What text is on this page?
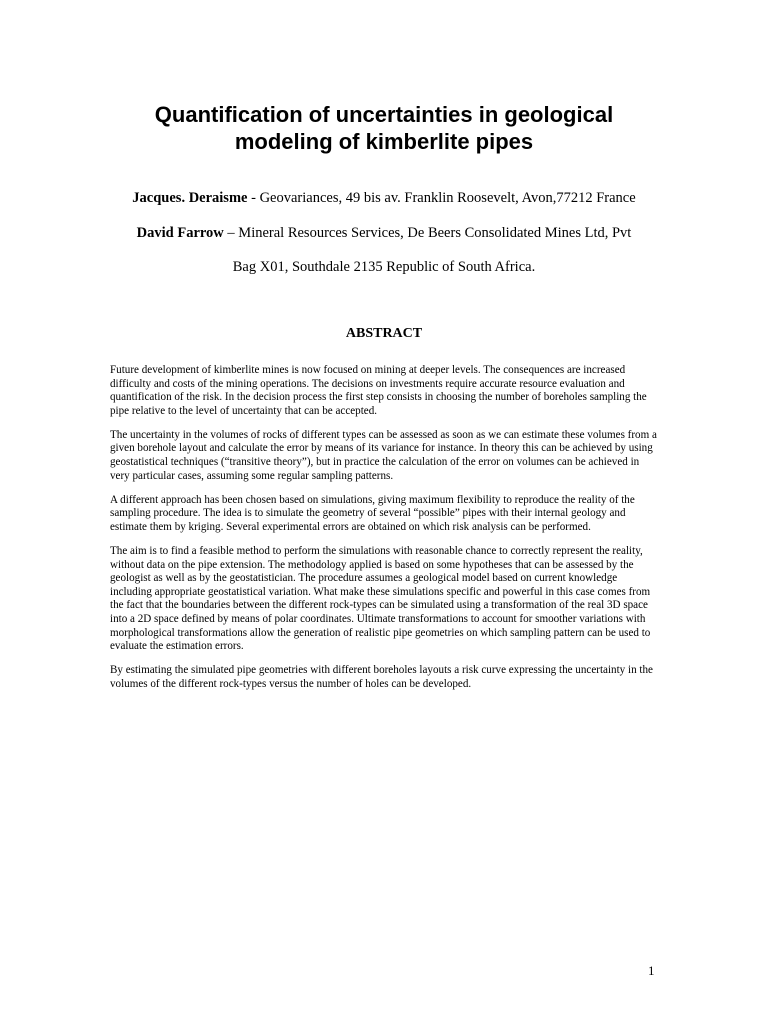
Quantification of uncertainties in geological
modeling of kimberlite pipes

Jacques. Deraisme - Geovariances, 49 bis av. Franklin Roosevelt, Avon,77212 France

David Farrow – Mineral Resources Services, De Beers Consolidated Mines Ltd, Pvt

Bag X01, Southdale 2135 Republic of South Africa.

ABSTRACT

Future development of kimberlite mines is now focused on mining at deeper levels. The consequences are increased difficulty and costs of the mining operations. The decisions on investments require accurate resource evaluation and quantification of the risk. In the decision process the first step consists in choosing the number of boreholes sampling the pipe relative to the level of uncertainty that can be accepted.

The uncertainty in the volumes of rocks of different types can be assessed as soon as we can estimate these volumes from a given borehole layout and calculate the error by means of its variance for instance. In theory this can be achieved by using geostatistical techniques (“transitive theory”), but in practice the calculation of the error on volumes can be achieved in very particular cases, assuming some regular sampling patterns.

A different approach has been chosen based on simulations, giving maximum flexibility to reproduce the reality of the sampling procedure. The idea is to simulate the geometry of several “possible” pipes with their internal geology and estimate them by kriging. Several experimental errors are obtained on which risk analysis can be performed.

The aim is to find a feasible method to perform the simulations with reasonable chance to correctly represent the reality, without data on the pipe extension. The methodology applied is based on some hypotheses that can be assessed by the geologist as well as by the geostatistician. The procedure assumes a geological model based on current knowledge including appropriate geostatistical variation. What make these simulations specific and powerful in this case comes from the fact that the boundaries between the different rock-types can be simulated using a transformation of the real 3D space into a 2D space defined by means of polar coordinates. Ultimate transformations to account for smoother variations with morphological transformations allow the generation of realistic pipe geometries on which sampling pattern can be used to evaluate the estimation errors.

By estimating the simulated pipe geometries with different boreholes layouts a risk curve expressing the uncertainty in the volumes of the different rock-types versus the number of holes can be developed.

1
